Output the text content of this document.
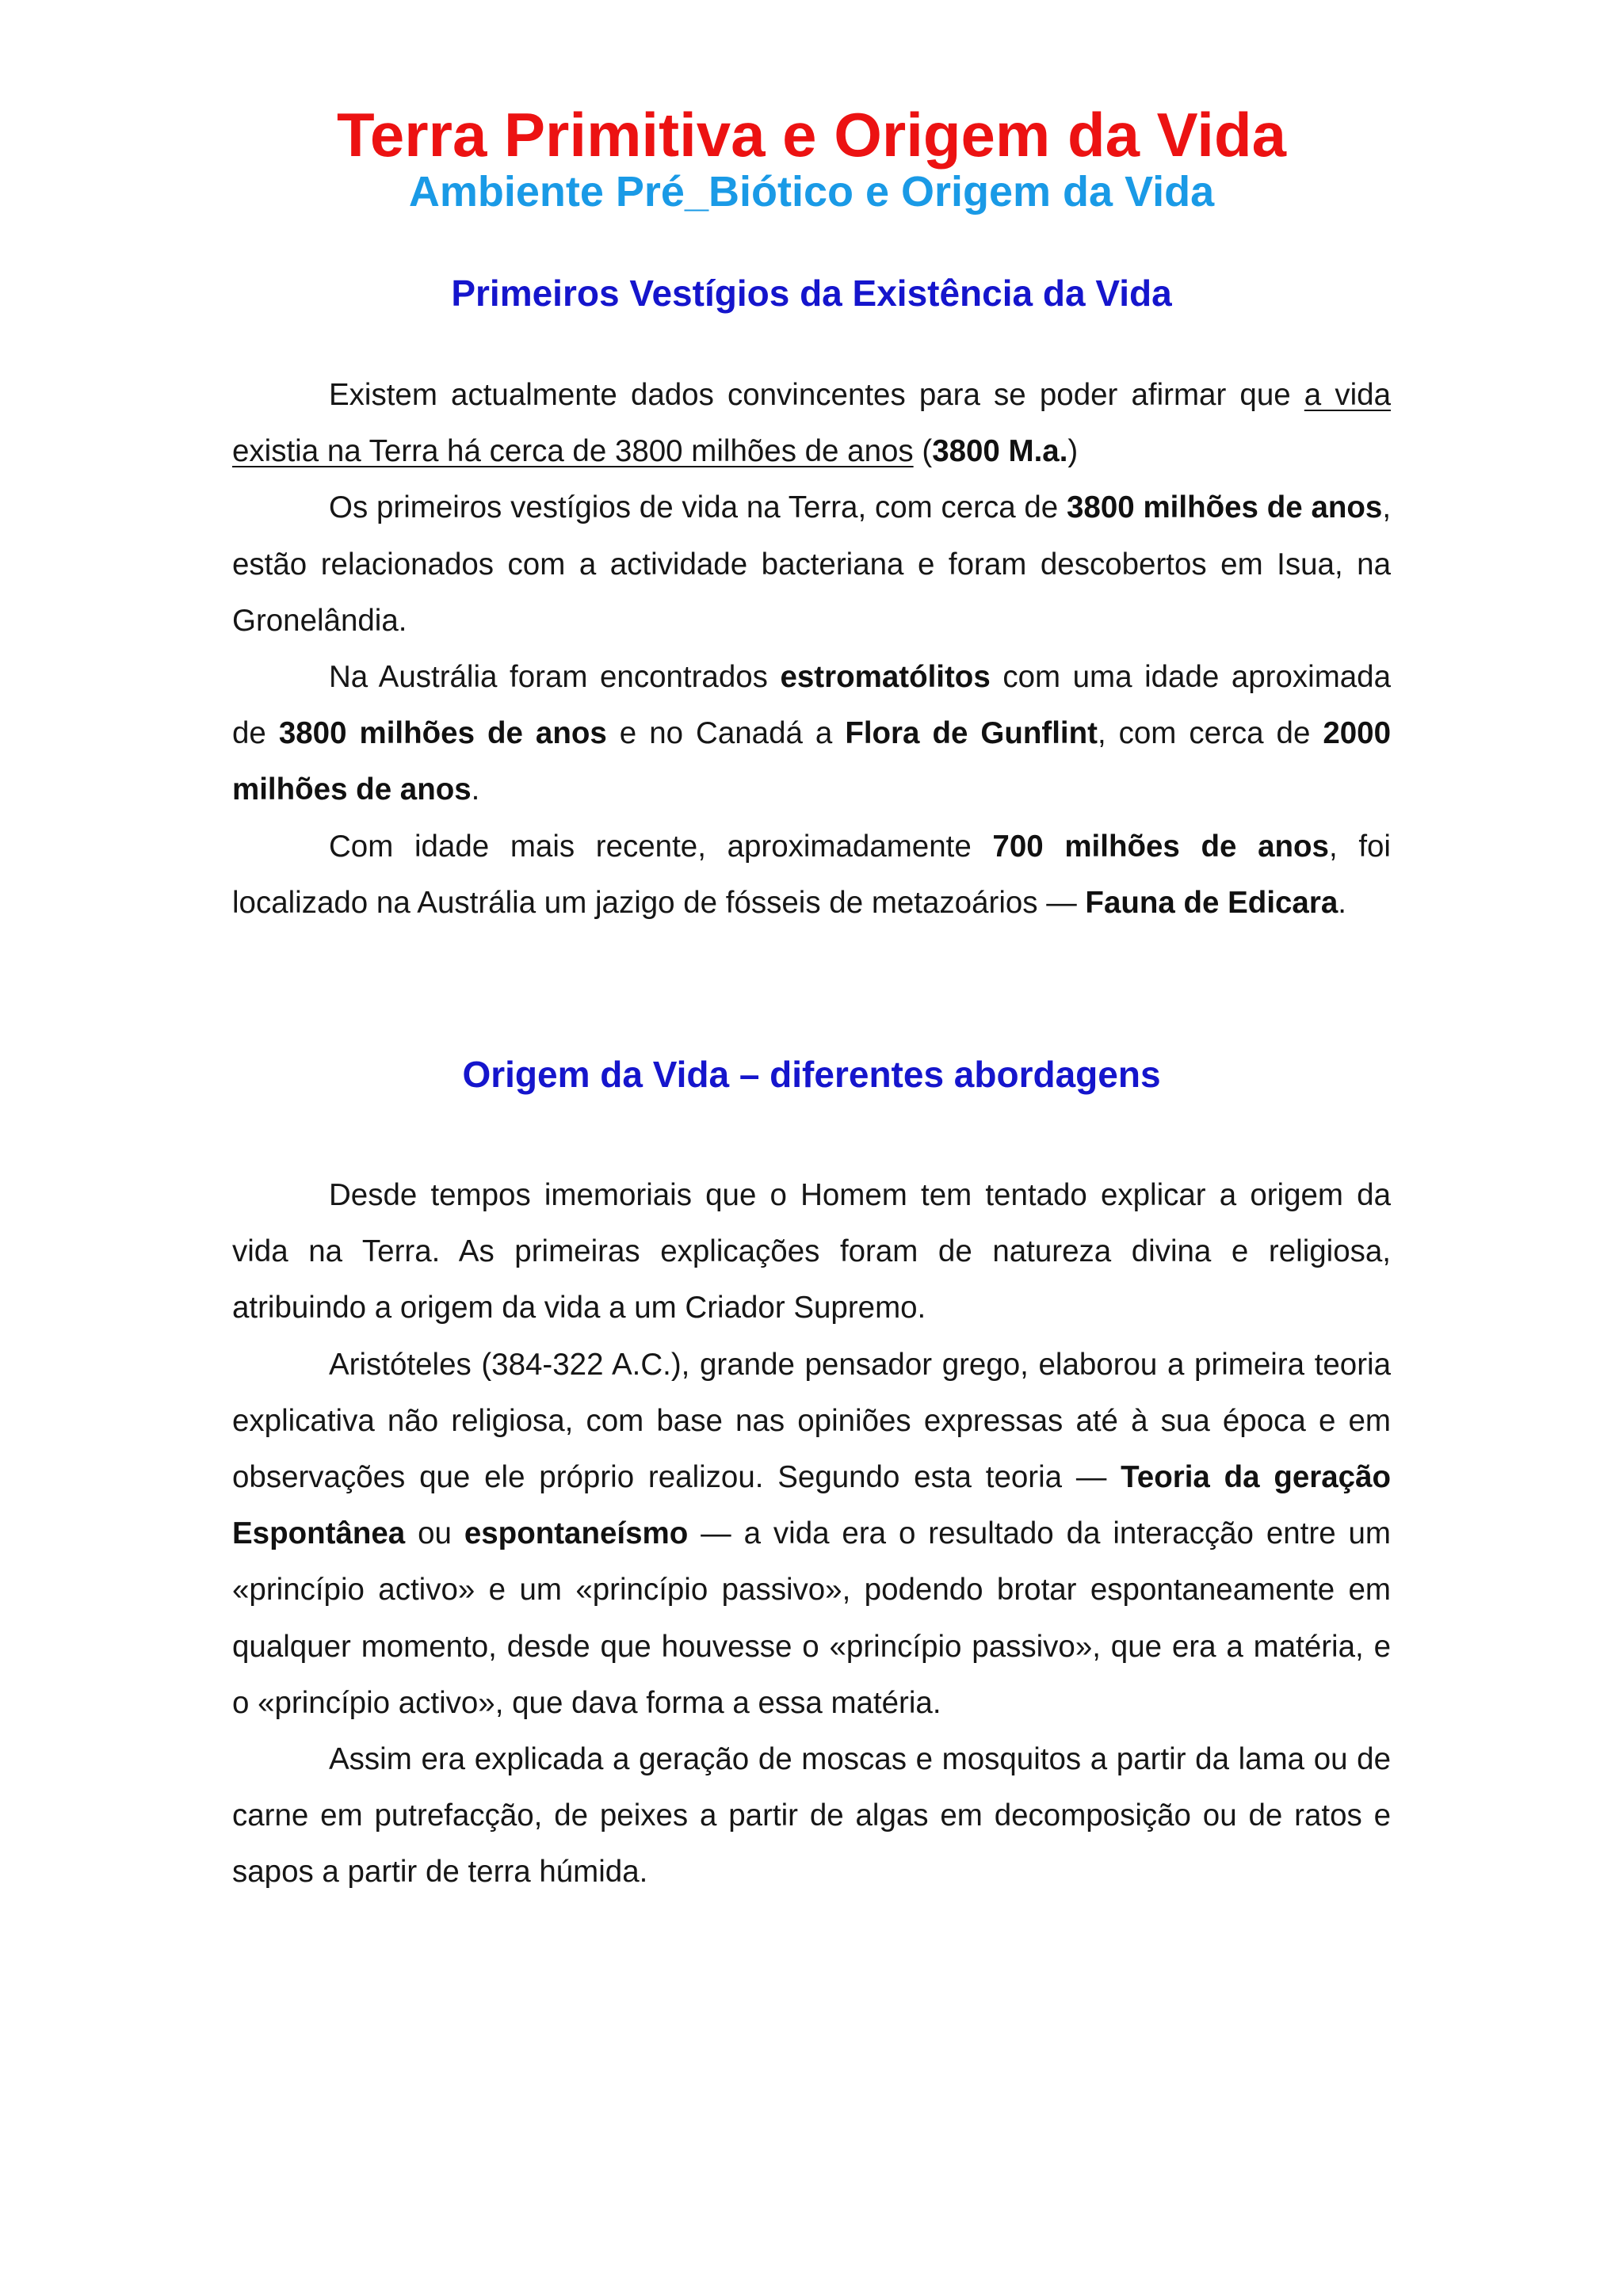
Terra Primitiva e Origem da Vida
Ambiente Pré_Biótico e Origem da Vida
Primeiros Vestígios da Existência da Vida

Existem actualmente dados convincentes para se poder afirmar que a vida existia na Terra há cerca de 3800 milhões de anos (3800 M.a.)

Os primeiros vestígios de vida na Terra, com cerca de 3800 milhões de anos, estão relacionados com a actividade bacteriana e foram descobertos em Isua, na Gronelândia.

Na Austrália foram encontrados estromatólitos com uma idade aproximada de 3800 milhões de anos e no Canadá a Flora de Gunflint, com cerca de 2000 milhões de anos.

Com idade mais recente, aproximadamente 700 milhões de anos, foi localizado na Austrália um jazigo de fósseis de metazoários — Fauna de Edicara.

Origem da Vida – diferentes abordagens

Desde tempos imemoriais que o Homem tem tentado explicar a origem da vida na Terra. As primeiras explicações foram de natureza divina e religiosa, atribuindo a origem da vida a um Criador Supremo.

Aristóteles (384-322 A.C.), grande pensador grego, elaborou a primeira teoria explicativa não religiosa, com base nas opiniões expressas até à sua época e em observações que ele próprio realizou. Segundo esta teoria — Teoria da geração Espontânea ou espontaneísmo — a vida era o resultado da interacção entre um «princípio activo» e um «princípio passivo», podendo brotar espontaneamente em qualquer momento, desde que houvesse o «princípio passivo», que era a matéria, e o «princípio activo», que dava forma a essa matéria.

Assim era explicada a geração de moscas e mosquitos a partir da lama ou de carne em putrefacção, de peixes a partir de algas em decomposição ou de ratos e sapos a partir de terra húmida.
